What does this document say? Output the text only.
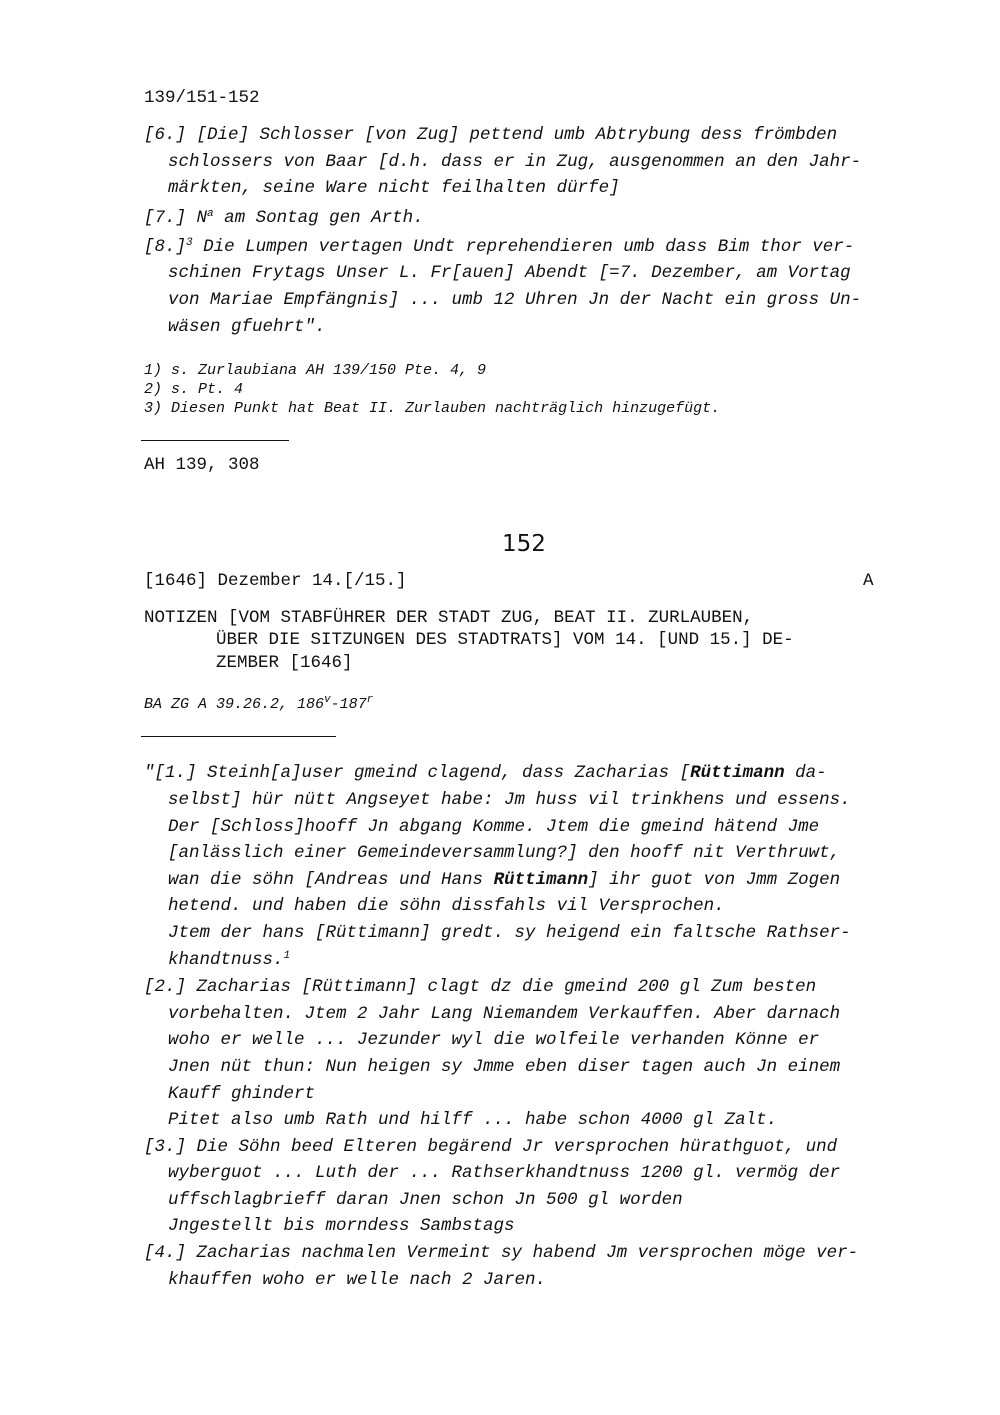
139/151-152
[6.] [Die] Schlosser [von Zug] pettend umb Abtrybung dess frömbden
schlossers von Baar [d.h. dass er in Zug, ausgenommen an den Jahr-
märkten, seine Ware nicht feilhalten dürfe]
[7.] $N^a$ am Sontag gen Arth.
$[8.]^3$ Die Lumpen vertagen Undt reprehendieren umb dass Bim thor ver-
schinen Frytags Unser L. Fr[auen] Abendt [=7. Dezember, am Vortag
von Mariae Empfängnis] ... umb 12 Uhren Jn der Nacht ein gross Un-
wäsen gfuehrt".
1) s. Zurlaubiana AH 139/150 Pte. 4, 9
2) s. Pt. 4
3) Diesen Punkt hat Beat II. Zurlauben nachträglich hinzugefügt.
AH 139, 308
152
[1646] Dezember 14.[/15.]	A
NOTIZEN [VOM STABFÜHRER DER STADT ZUG, BEAT II. ZURLAUBEN,
ÜBER DIE SITZUNGEN DES STADTRATS] VOM 14. [UND 15.] DE-
ZEMBER [1646]
BA ZG A 39.26.2, 186$^v$-187$^r$
"[1.] Steinh[a]user gmeind clagend, dass Zacharias [Rüttimann da-
selbst] hür nütt Angseyet habe: Jm huss vil trinkhens und essens.
Der [Schloss]hooff Jn abgang Komme. Jtem die gmeind hätend Jme
[anlässlich einer Gemeindeversammlung?] den hooff nit Verthruwt,
wan die söhn [Andreas und Hans Rüttimann] ihr guot von Jmm Zogen
hetend. und haben die söhn dissfahls vil Versprochen.
Jtem der hans [Rüttimann] gredt. sy heigend ein faltsche Rathser-
khandtnuss.$^1$
[2.] Zacharias [Rüttimann] clagt dz die gmeind 200 gl Zum besten
vorbehalten. Jtem 2 Jahr Lang Niemandem Verkauffen. Aber darnach
woho er welle ... Jezunder wyl die wolfeile verhanden Könne er
Jnen nüt thun: Nun heigen sy Jmme eben diser tagen auch Jn einem
Kauff ghindert
Pitet also umb Rath und hilff ... habe schon 4000 gl Zalt.
[3.] Die Söhn beed Elteren begärend Jr versprochen hürathguot, und
wyberguot ... Luth der ... Rathserkhandtnuss 1200 gl. vermög der
uffschlagbrieff daran Jnen schon Jn 500 gl worden
Jngestellt bis morndess Sambstags
[4.] Zacharias nachmalen Vermeint sy habend Jm versprochen möge ver-
khauffen woho er welle nach 2 Jaren.
